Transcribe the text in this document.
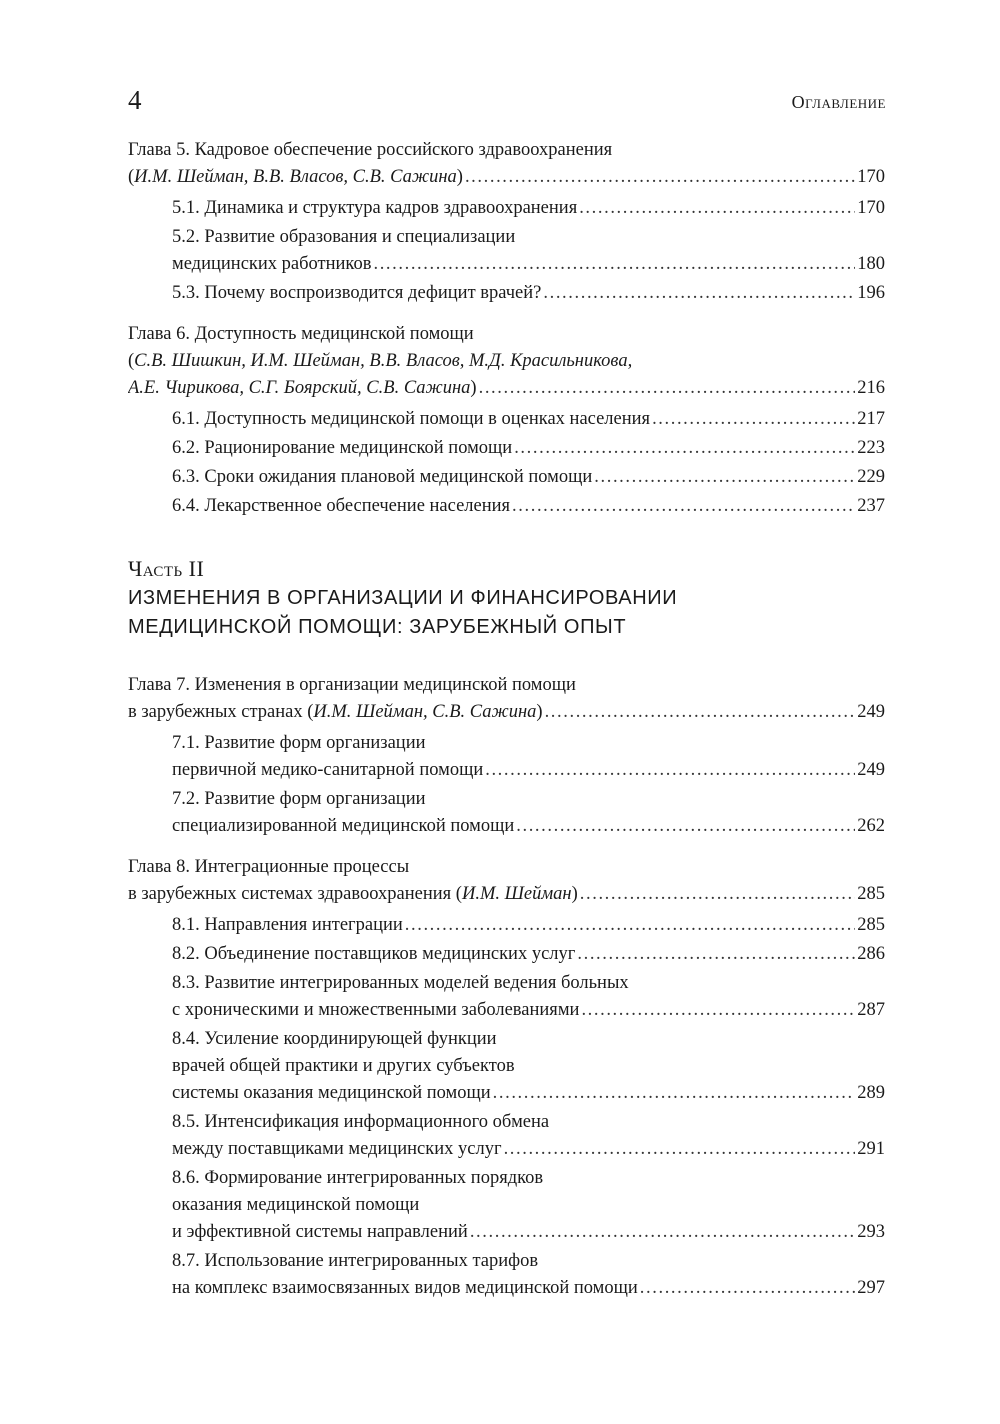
4	Оглавление
Глава 5. Кадровое обеспечение российского здравоохранения
(И.М. Шейман, В.В. Власов, С.В. Сажина) .....	170
5.1. Динамика и структура кадров здравоохранения .....	170
5.2. Развитие образования и специализации
медицинских работников .....	180
5.3. Почему воспроизводится дефицит врачей? .....	196
Глава 6. Доступность медицинской помощи
(С.В. Шишкин, И.М. Шейман, В.В. Власов, М.Д. Красильникова,
А.Е. Чирикова, С.Г. Боярский, С.В. Сажина) .....	216
6.1. Доступность медицинской помощи в оценках населения .....	217
6.2. Рационирование медицинской помощи .....	223
6.3. Сроки ожидания плановой медицинской помощи .....	229
6.4. Лекарственное обеспечение населения .....	237
Часть II
ИЗМЕНЕНИЯ В ОРГАНИЗАЦИИ И ФИНАНСИРОВАНИИ
МЕДИЦИНСКОЙ ПОМОЩИ: ЗАРУБЕЖНЫЙ ОПЫТ
Глава 7. Изменения в организации медицинской помощи
в зарубежных странах (И.М. Шейман, С.В. Сажина) .....	249
7.1. Развитие форм организации
первичной медико-санитарной помощи .....	249
7.2. Развитие форм организации
специализированной медицинской помощи .....	262
Глава 8. Интеграционные процессы
в зарубежных системах здравоохранения (И.М. Шейман) .....	285
8.1. Направления интеграции .....	285
8.2. Объединение поставщиков медицинских услуг .....	286
8.3. Развитие интегрированных моделей ведения больных
с хроническими и множественными заболеваниями .....	287
8.4. Усиление координирующей функции
врачей общей практики и других субъектов
системы оказания медицинской помощи .....	289
8.5. Интенсификация информационного обмена
между поставщиками медицинских услуг .....	291
8.6. Формирование интегрированных порядков
оказания медицинской помощи
и эффективной системы направлений .....	293
8.7. Использование интегрированных тарифов
на комплекс взаимосвязанных видов медицинской помощи .....	297
